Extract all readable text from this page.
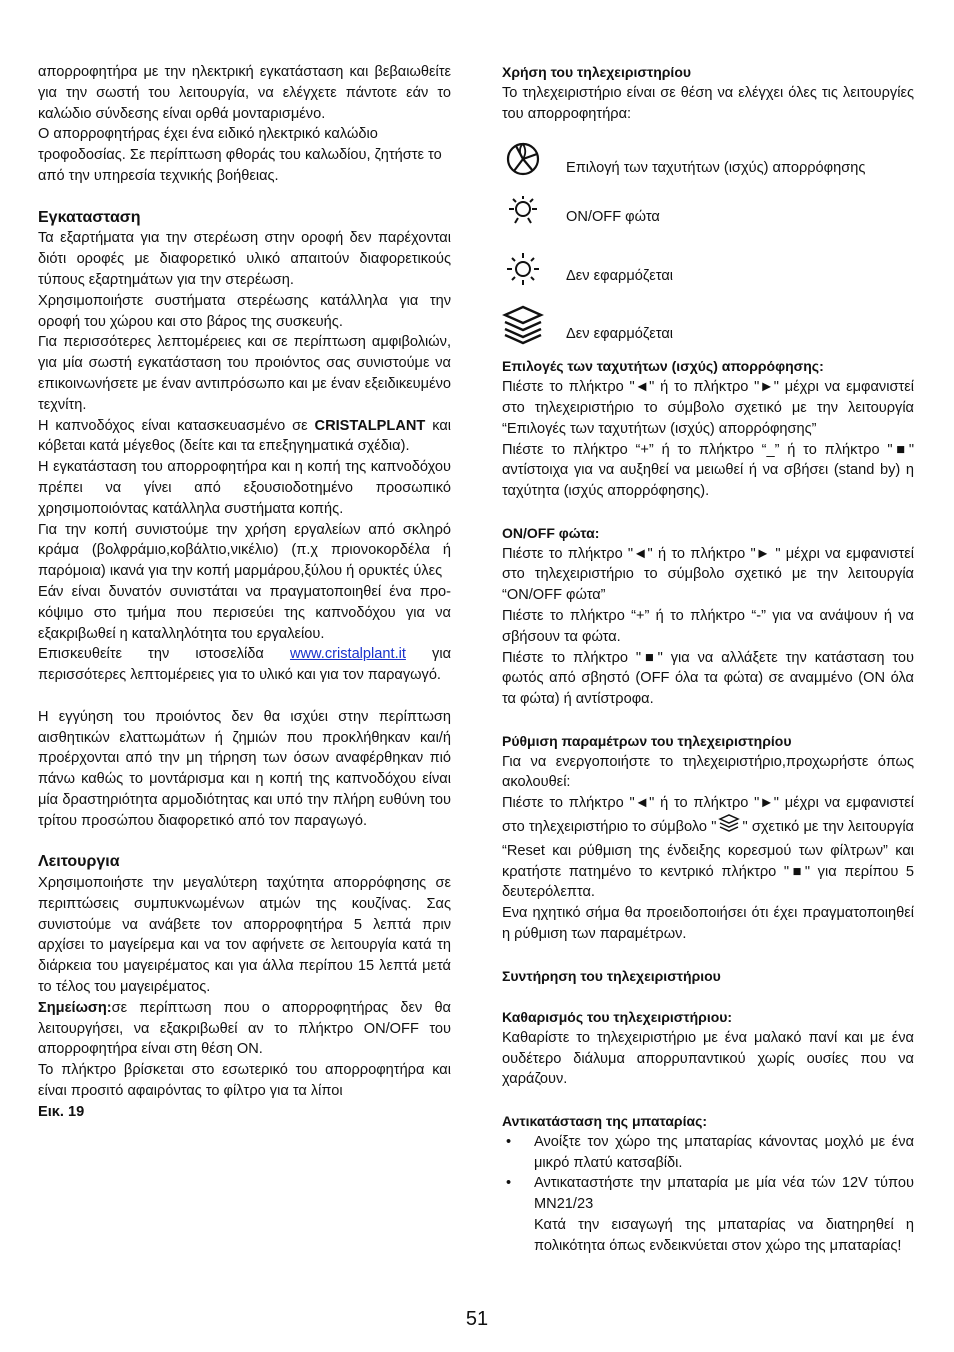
απορροφητήρα με την ηλεκτρική εγκατάσταση και βεβαιωθείτε για την σωστή του λειτουργία, να ελέγχετε πάντοτε εάν το καλώδιο σύνδεσης είναι ορθά μονταρισμένο.

Ο απορροφητήρας έχει ένα ειδικό ηλεκτρικό καλώδιο τροφοδοσίας. Σε περίπτωση φθοράς του καλωδίου, ζητήστε το από την υπηρεσία τεχνικής βοήθειας.

Εγκατασταση

Τα εξαρτήματα για την στερέωση στην οροφή δεν παρέχονται διότι οροφές με διαφορετικό υλικό απαιτούν διαφορετικούς τύπους εξαρτημάτων για την στερέωση.

Χρησιμοποιήστε συστήματα στερέωσης κατάλληλα για την οροφή του χώρου και στο βάρος της συσκευής.

Για περισσότερες λεπτομέρειες και σε περίπτωση αμφιβολιών, για μία σωστή εγκατάσταση του προιόντος σας συνιστούμε να επικοινωνήσετε με έναν αντιπρόσωπο και με έναν εξειδικευμένο τεχνίτη.

Η καπνοδόχος είναι κατασκευασμένο σε CRISTALPLANT και κόβεται κατά μέγεθος (δείτε και τα επεξηγηματικά σχέδια).

Η εγκατάσταση του απορροφητήρα και η κοπή της καπνοδόχου πρέπει να γίνει από εξουσιοδοτημένο προσωπικό χρησιμοποιόντας κατάλληλα συστήματα κοπής.

Για την κοπή συνιστούμε την χρήση εργαλείων από σκληρό κράμα (βολφράμιο,κοβάλτιο,νικέλιο) (π.χ πριονοκορδέλα ή παρόμοια) ικανά για την κοπή μαρμάρου,ξύλου ή ορυκτές ύλες

Εάν είναι δυνατόν συνιστάται να πραγματοποιηθεί ένα προ-κόψιμο στο τμήμα που περισεύει της καπνοδόχου για να εξακριβωθεί η καταλληλότητα του εργαλείου.

Επισκευθείτε την ιστοσελίδα www.cristalplant.it για περισσότερες λεπτομέρειες για το υλικό και για τον παραγωγό.

Η εγγύηση του προιόντος δεν θα ισχύει στην περίπτωση αισθητικών ελαττωμάτων ή ζημιών που προκλήθηκαν και/ή προέρχονται από την μη τήρηση των όσων αναφέρθηκαν πιό πάνω καθώς το μοντάρισμα και η κοπή της καπνοδόχου είναι μία δραστηριότητα αρμοδιότητας και υπό την πλήρη ευθύνη του τρίτου προσώπου διαφορετικό από τον παραγωγό.

Λειτουργια

Χρησιμοποιήστε την μεγαλύτερη ταχύτητα απορρόφησης σε περιπτώσεις συμπυκνωμένων ατμών της κουζίνας. Σας συνιστούμε να ανάβετε τον απορροφητήρα 5 λεπτά πριν αρχίσει το μαγείρεμα και να τον αφήνετε σε λειτουργία κατά τη διάρκεια του μαγειρέματος και για άλλα περίπου 15 λεπτά μετά το τέλος του μαγειρέματος.

Σημείωση:σε περίπτωση που ο απορροφητήρας δεν θα λειτουργήσει, να εξακριβωθεί αν το πλήκτρο ON/OFF του απορροφητήρα είναι στη θέση ON.

Το πλήκτρο βρίσκεται στο εσωτερικό του απορροφητήρα και είναι προσιτό αφαιρόντας το φίλτρο για τα λίποι

Εικ. 19
Χρήση του τηλεχειριστηρίου

Το τηλεχειριστήριο είναι σε θέση να ελέγχει όλες τις λειτουργίες του απορροφητήρα:

Επιλογή των ταχυτήτων (ισχύς) απορρόφησης
ON/OFF φώτα
Δεν εφαρμόζεται
Δεν εφαρμόζεται
Επιλογές των ταχυτήτων (ισχύς) απορρόφησης:

Πιέστε το πλήκτρο "◄" ή το πλήκτρο "►" μέχρι να εμφανιστεί στο τηλεχειριστήριο το σύμβολο σχετικό με την λειτουργία “Επιλογές των ταχυτήτων (ισχύς) απορρόφησης”

Πιέστε το πλήκτρο “+” ή το πλήκτρο “_” ή το πλήκτρο "■" αντίστοιχα για να αυξηθεί να μειωθεί ή να σβήσει (stand by) η ταχύτητα (ισχύς απορρόφησης).

ON/OFF φώτα:

Πιέστε το πλήκτρο "◄" ή το πλήκτρο "► " μέχρι να εμφανιστεί στο τηλεχειριστήριο το σύμβολο σχετικό με την λειτουργία “ON/OFF φώτα”

Πιέστε το πλήκτρο “+” ή το πλήκτρο “-” για να ανάψουν ή να σβήσουν τα φώτα.

Πιέστε το πλήκτρο "■" για να αλλάξετε την κατάσταση του φωτός από σβηστό (OFF όλα τα φώτα) σε αναμμένο (ON όλα τα φώτα) ή αντίστροφα.

Ρύθμιση παραμέτρων του τηλεχειριστηρίου

Για να ενεργοποιήστε το τηλεχειριστήριο,προχωρήστε όπως ακολουθεί:

Πιέστε το πλήκτρο "◄" ή το πλήκτρο "►" μέχρι να εμφανιστεί στο τηλεχειριστήριο το σύμβολο " " σχετικό με την λειτουργία “Reset και ρύθμιση της ένδειξης κορεσμού των φίλτρων” και κρατήστε πατημένο το κεντρικό πλήκτρο "■" για περίπου 5 δευτερόλεπτα.

Ενα ηχητικό σήμα θα προειδοποιήσει ότι έχει πραγματοποιηθεί η ρύθμιση των παραμέτρων.

Συντήρηση του τηλεχειριστήριου
Καθαρισμός του τηλεχειριστήριου:

Καθαρίστε το τηλεχειριστήριο με ένα μαλακό πανί και με ένα ουδέτερο διάλυμα απορρυπαντικού χωρίς ουσίες που να χαράζουν.

Αντικατάσταση της μπαταρίας:
• Ανοίξτε τον χώρο της μπαταρίας κάνοντας μοχλό με ένα μικρό πλατύ κατσαβίδι.
• Αντικαταστήστε την μπαταρία με μία νέα τών 12V τύπου MN21/23

Κατά την εισαγωγή της μπαταρίας να διατηρηθεί η πολικότητα όπως ενδεικνύεται στον χώρο της μπαταρίας!

51
